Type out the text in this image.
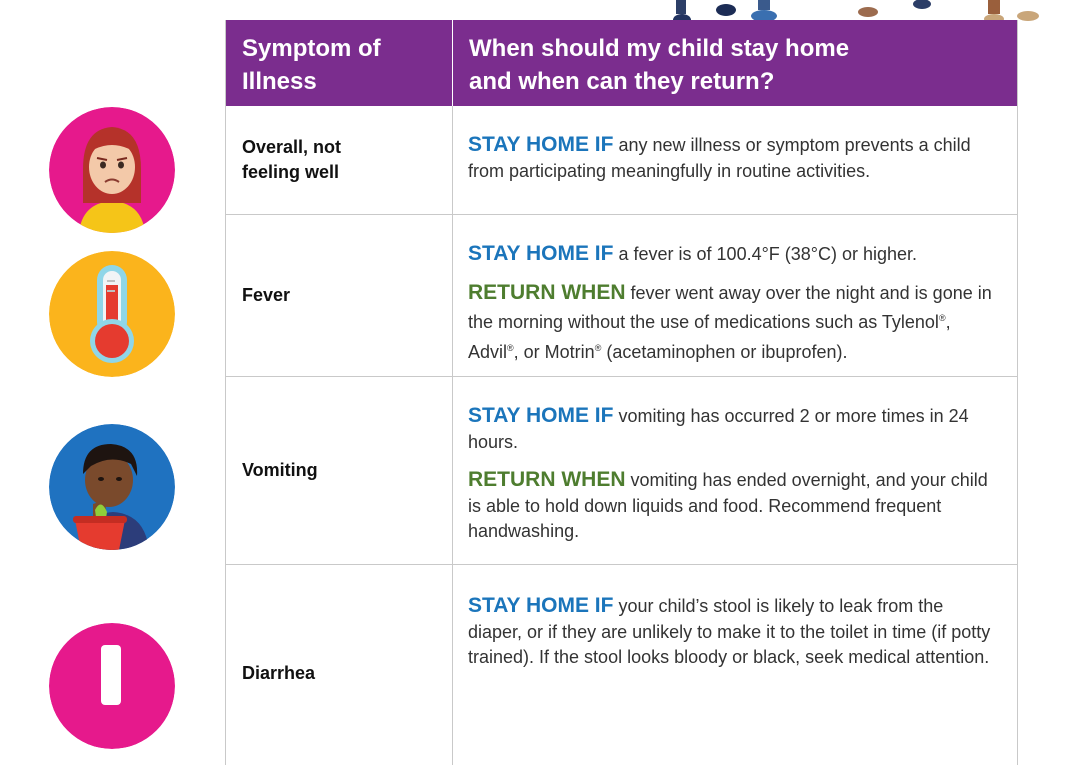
Symptom of Illness
When should my child stay home
and when can they return?
Overall, not
feeling well

STAY HOME IF any new illness or symptom prevents a child from participating meaningfully in routine activities.

Fever

STAY HOME IF a fever is of 100.4°F (38°C) or higher.

RETURN WHEN fever went away over the night and is gone in the morning without the use of medications such as Tylenol®, Advil®, or Motrin® (acetaminophen or ibuprofen).

Vomiting

STAY HOME IF vomiting has occurred 2 or more times in 24 hours.

RETURN WHEN vomiting has ended overnight, and your child is able to hold down liquids and food. Recommend frequent handwashing.

Diarrhea

STAY HOME IF your child’s stool is likely to leak from the diaper, or if they are unlikely to make it to the toilet in time (if potty trained). If the stool looks bloody or black, seek medical attention.
